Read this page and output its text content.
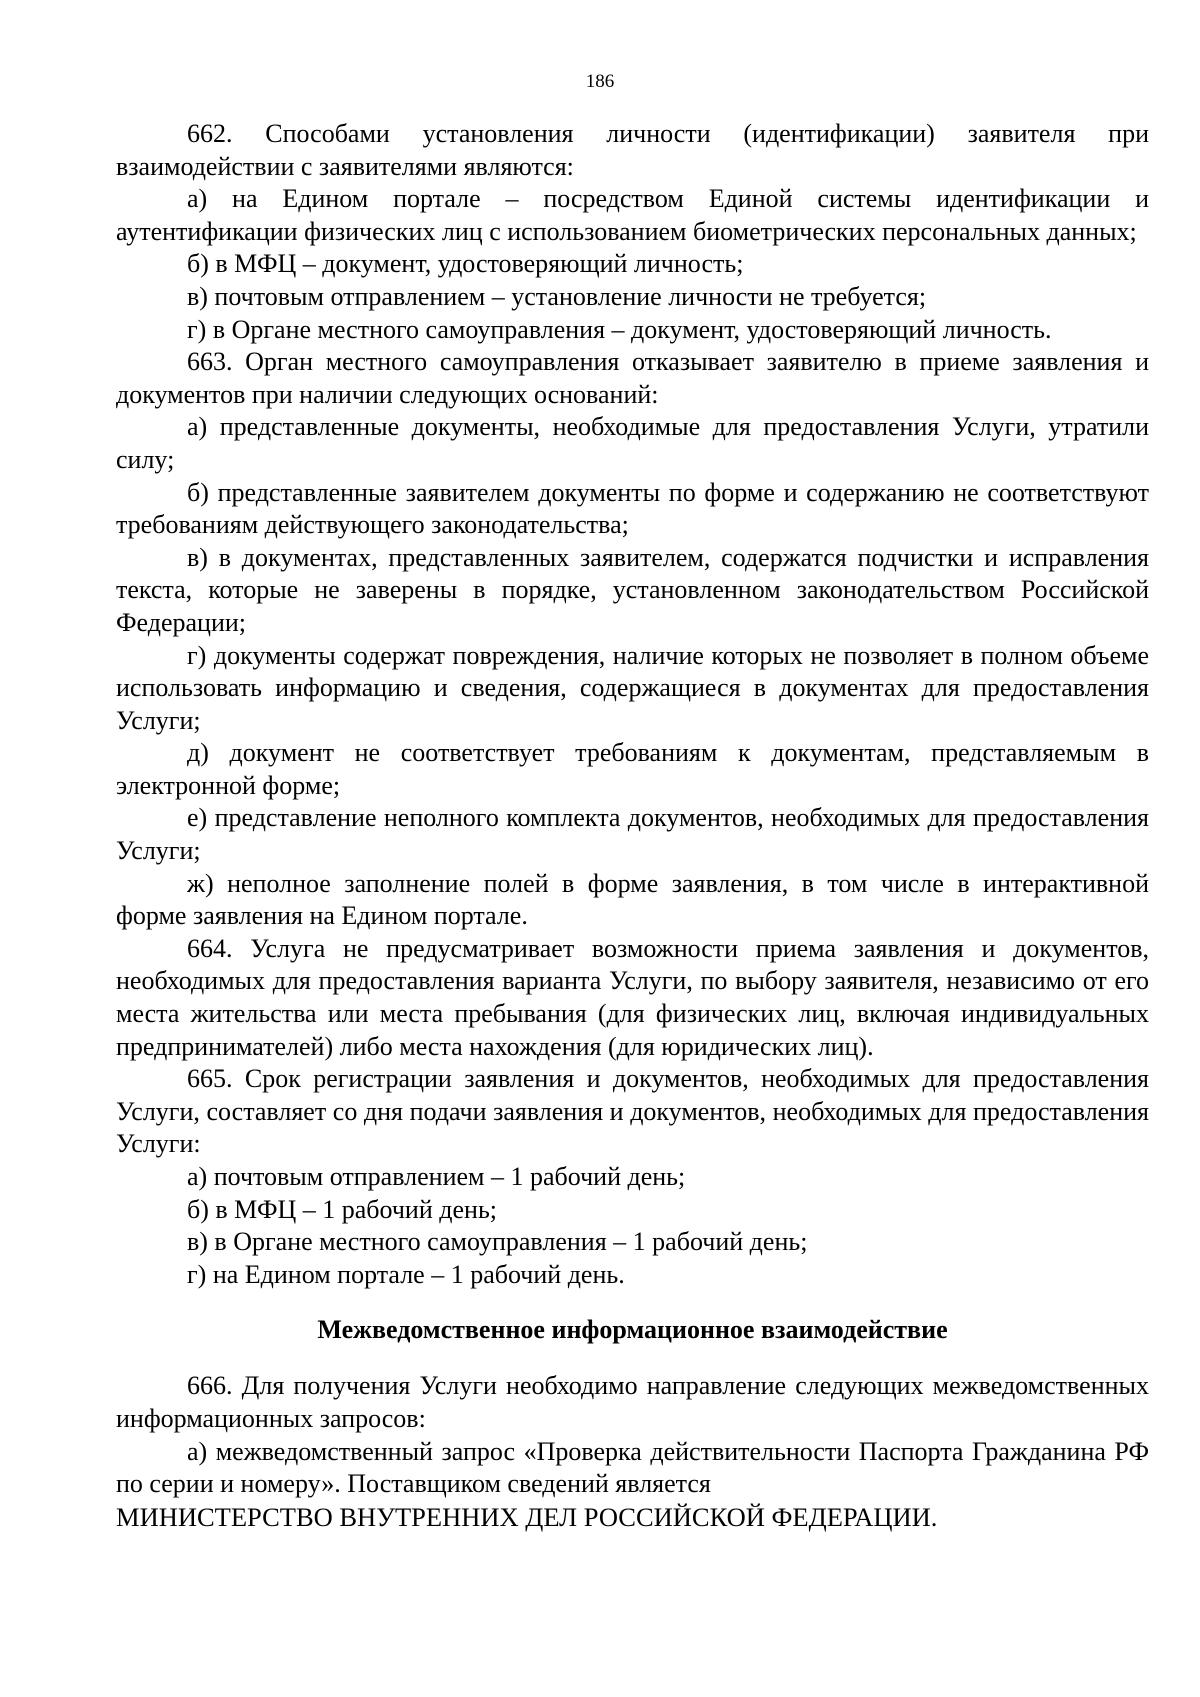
186

662. Способами установления личности (идентификации) заявителя при взаимодействии с заявителями являются:

а) на Едином портале – посредством Единой системы идентификации и аутентификации физических лиц с использованием биометрических персональных данных;

б) в МФЦ – документ, удостоверяющий личность;

в) почтовым отправлением – установление личности не требуется;

г) в Органе местного самоуправления – документ, удостоверяющий личность.

663. Орган местного самоуправления отказывает заявителю в приеме заявления и документов при наличии следующих оснований:

а) представленные документы, необходимые для предоставления Услуги, утратили силу;

б) представленные заявителем документы по форме и содержанию не соответствуют требованиям действующего законодательства;

в) в документах, представленных заявителем, содержатся подчистки и исправления текста, которые не заверены в порядке, установленном законодательством Российской Федерации;

г) документы содержат повреждения, наличие которых не позволяет в полном объеме использовать информацию и сведения, содержащиеся в документах для предоставления Услуги;

д) документ не соответствует требованиям к документам, представляемым в электронной форме;

е) представление неполного комплекта документов, необходимых для предоставления Услуги;

ж) неполное заполнение полей в форме заявления, в том числе в интерактивной форме заявления на Едином портале.

664. Услуга не предусматривает возможности приема заявления и документов, необходимых для предоставления варианта Услуги, по выбору заявителя, независимо от его места жительства или места пребывания (для физических лиц, включая индивидуальных предпринимателей) либо места нахождения (для юридических лиц).

665. Срок регистрации заявления и документов, необходимых для предоставления Услуги, составляет со дня подачи заявления и документов, необходимых для предоставления Услуги:

а) почтовым отправлением – 1 рабочий день;

б) в МФЦ – 1 рабочий день;

в) в Органе местного самоуправления – 1 рабочий день;

г) на Едином портале – 1 рабочий день.

Межведомственное информационное взаимодействие

666. Для получения Услуги необходимо направление следующих межведомственных информационных запросов:

а) межведомственный запрос «Проверка действительности Паспорта Гражданина РФ по серии и номеру». Поставщиком сведений является

МИНИСТЕРСТВО ВНУТРЕННИХ ДЕЛ РОССИЙСКОЙ ФЕДЕРАЦИИ.
